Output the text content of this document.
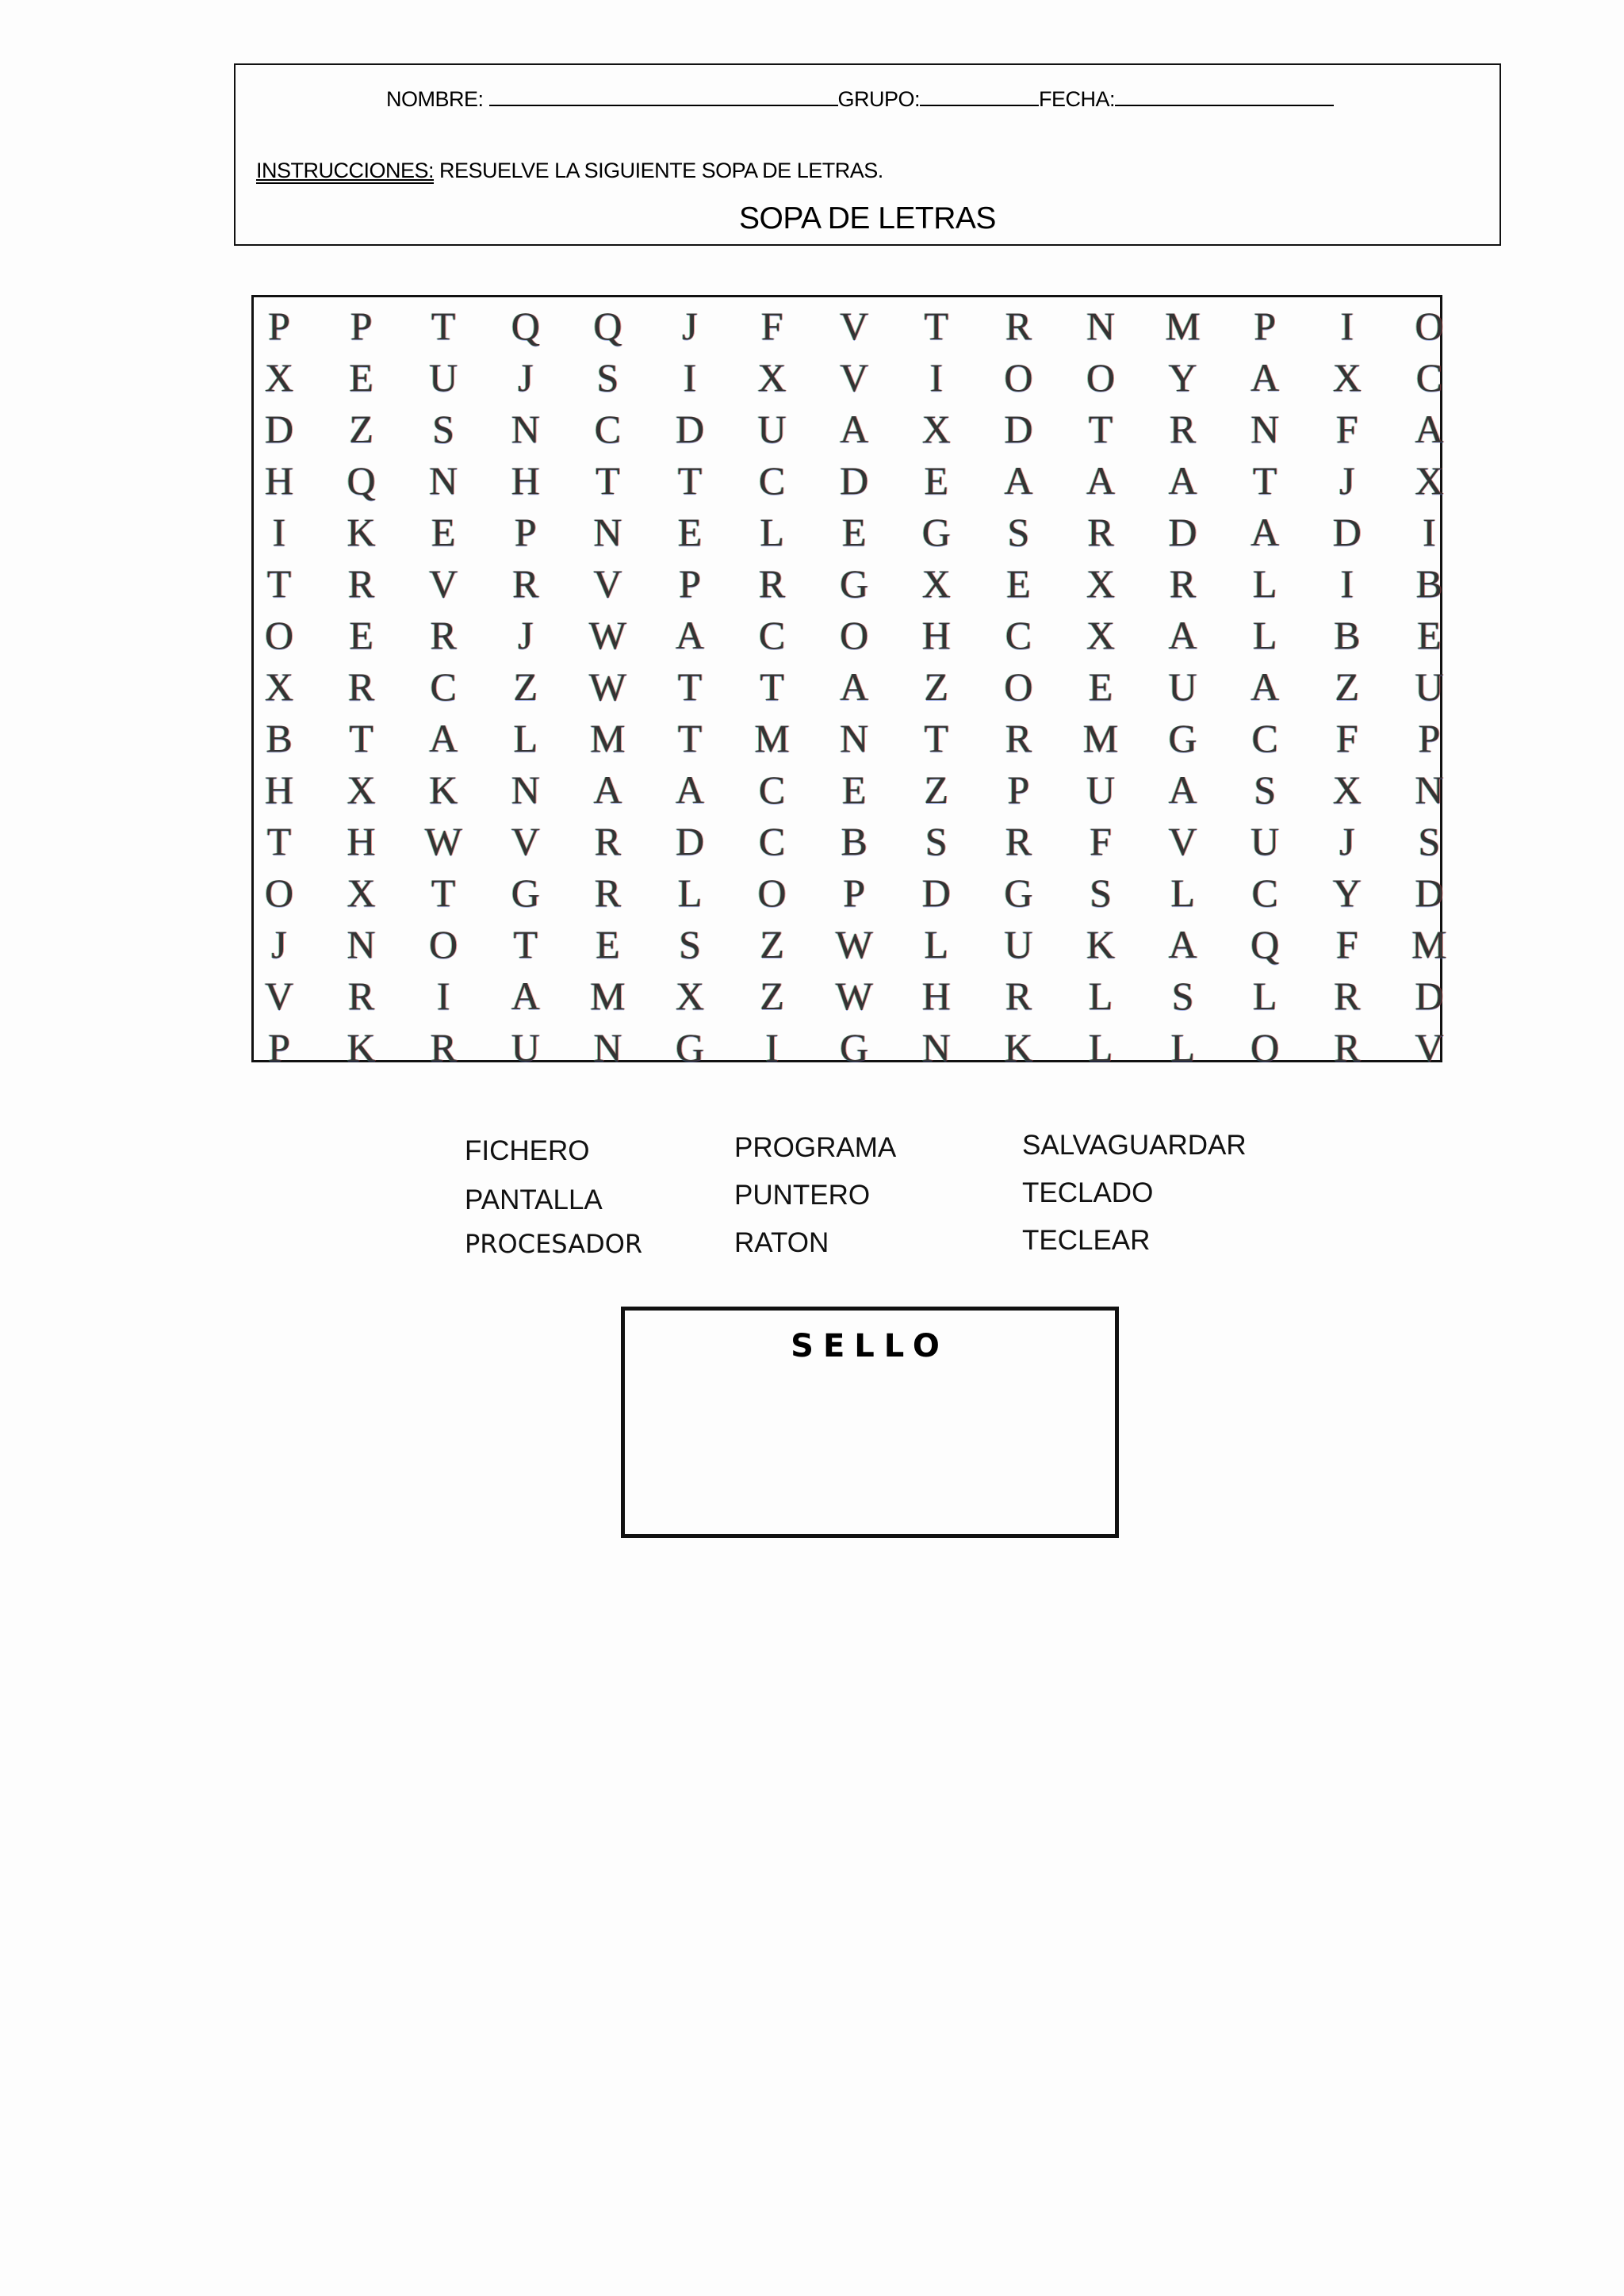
NOMBRE:	GRUPO:	FECHA:
INSTRUCCIONES: RESUELVE LA SIGUIENTE SOPA DE LETRAS.
SOPA DE LETRAS
P	P	T	Q	Q	J	F	V	T	R	N	M	P	I	O
X	E	U	J	S	I	X	V	I	O	O	Y	A	X	C
D	Z	S	N	C	D	U	A	X	D	T	R	N	F	A
H	Q	N	H	T	T	C	D	E	A	A	A	T	J	X
I	K	E	P	N	E	L	E	G	S	R	D	A	D	I
T	R	V	R	V	P	R	G	X	E	X	R	L	I	B
O	E	R	J	W	A	C	O	H	C	X	A	L	B	E
X	R	C	Z	W	T	T	A	Z	O	E	U	A	Z	U
B	T	A	L	M	T	M	N	T	R	M	G	C	F	P
H	X	K	N	A	A	C	E	Z	P	U	A	S	X	N
T	H	W	V	R	D	C	B	S	R	F	V	U	J	S
O	X	T	G	R	L	O	P	D	G	S	L	C	Y	D
J	N	O	T	E	S	Z	W	L	U	K	A	Q	F	M
V	R	I	A	M	X	Z	W	H	R	L	S	L	R	D
P	K	R	U	N	G	I	G	N	K	L	L	O	R	V
FICHERO
PANTALLA
PROCESADOR
PROGRAMA
PUNTERO
RATON
SALVAGUARDAR
TECLADO
TECLEAR
SELLO
